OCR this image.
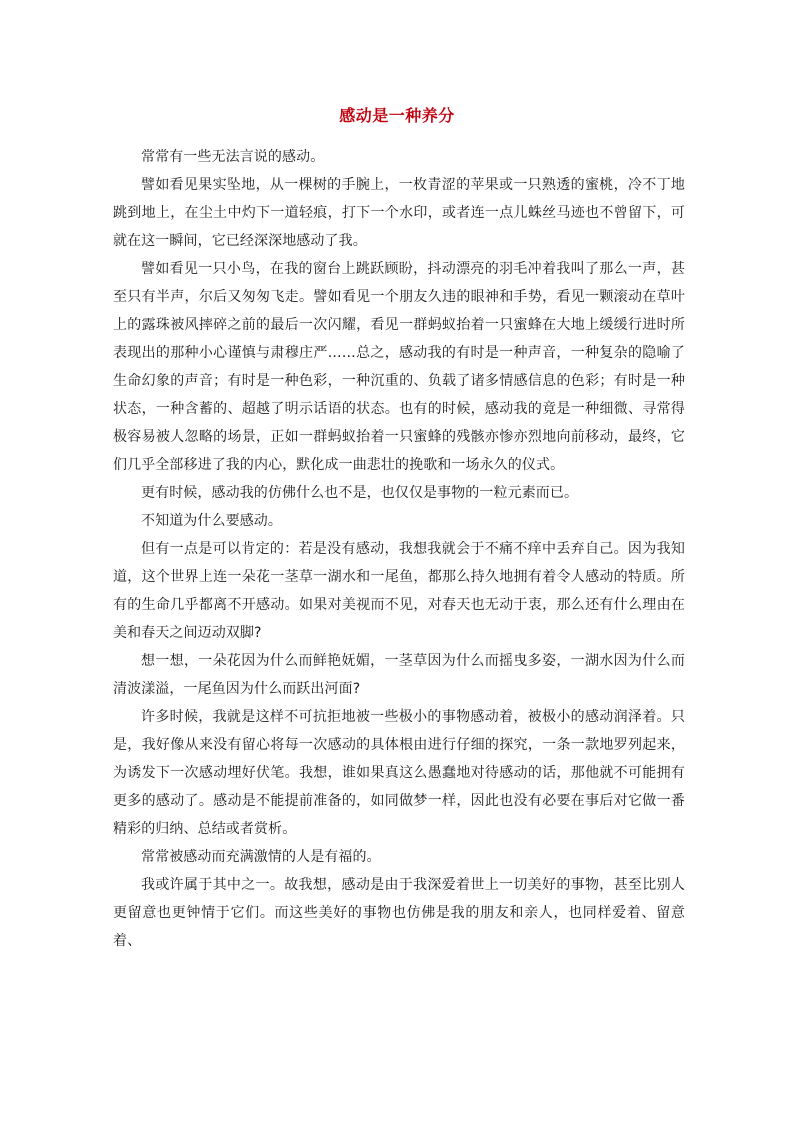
感动是一种养分

常常有一些无法言说的感动。

譬如看见果实坠地，从一棵树的手腕上，一枚青涩的苹果或一只熟透的蜜桃，冷不丁地跳到地上，在尘土中灼下一道轻痕，打下一个水印，或者连一点儿蛛丝马迹也不曾留下，可就在这一瞬间，它已经深深地感动了我。

譬如看见一只小鸟，在我的窗台上跳跃顾盼，抖动漂亮的羽毛冲着我叫了那么一声，甚至只有半声，尔后又匆匆飞走。譬如看见一个朋友久违的眼神和手势，看见一颗滚动在草叶上的露珠被风摔碎之前的最后一次闪耀，看见一群蚂蚁抬着一只蜜蜂在大地上缓缓行进时所表现出的那种小心谨慎与肃穆庄严……总之，感动我的有时是一种声音，一种复杂的隐喻了生命幻象的声音；有时是一种色彩，一种沉重的、负载了诸多情感信息的色彩；有时是一种状态，一种含蓄的、超越了明示话语的状态。也有的时候，感动我的竟是一种细微、寻常得极容易被人忽略的场景，正如一群蚂蚁抬着一只蜜蜂的残骸亦惨亦烈地向前移动，最终，它们几乎全部移进了我的内心，默化成一曲悲壮的挽歌和一场永久的仪式。

更有时候，感动我的仿佛什么也不是，也仅仅是事物的一粒元素而已。

不知道为什么要感动。

但有一点是可以肯定的：若是没有感动，我想我就会于不痛不痒中丢弃自己。因为我知道，这个世界上连一朵花一茎草一湖水和一尾鱼，都那么持久地拥有着令人感动的特质。所有的生命几乎都离不开感动。如果对美视而不见，对春天也无动于衷，那么还有什么理由在美和春天之间迈动双脚?

想一想，一朵花因为什么而鲜艳妩媚，一茎草因为什么而摇曳多姿，一湖水因为什么而清波漾溢，一尾鱼因为什么而跃出河面?

许多时候，我就是这样不可抗拒地被一些极小的事物感动着，被极小的感动润泽着。只是，我好像从来没有留心将每一次感动的具体根由进行仔细的探究，一条一款地罗列起来，为诱发下一次感动埋好伏笔。我想，谁如果真这么愚蠢地对待感动的话，那他就不可能拥有更多的感动了。感动是不能提前准备的，如同做梦一样，因此也没有必要在事后对它做一番精彩的归纳、总结或者赏析。

常常被感动而充满激情的人是有福的。

我或许属于其中之一。故我想，感动是由于我深爱着世上一切美好的事物，甚至比别人更留意也更钟情于它们。而这些美好的事物也仿佛是我的朋友和亲人，也同样爱着、留意着、
